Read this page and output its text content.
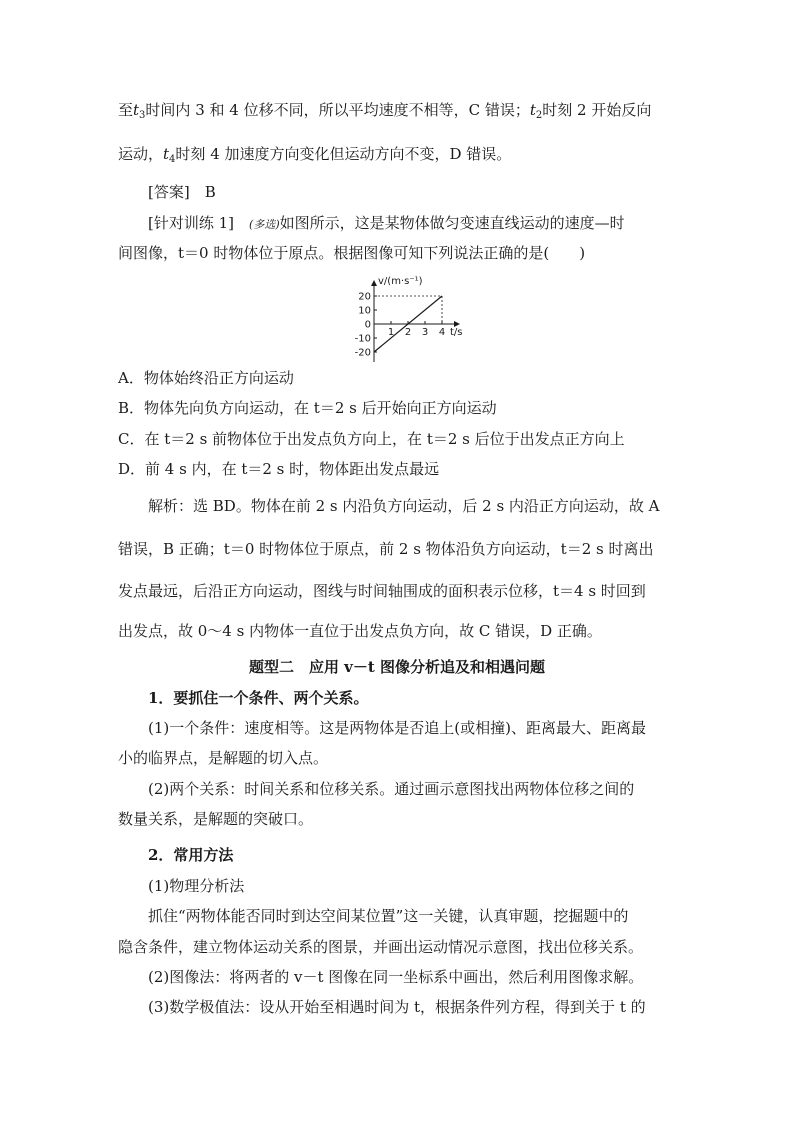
至$t_3$时间内 3 和 4 位移不同，所以平均速度不相等，C 错误；$t_2$时刻 2 开始反向
运动，$t_4$时刻 4 加速度方向变化但运动方向不变，D 错误。
[答案]　 B
[针对训练 1]　 (多选)如图所示，这是某物体做匀变速直线运动的速度—时
间图像，t＝0 时物体位于原点。根据图像可知下列说法正确的是(　　)
-20
-10
0
10
20
1 2 3 4
v/(m·s⁻¹)
t/s
A．物体始终沿正方向运动
B．物体先向负方向运动，在 t＝2 s 后开始向正方向运动
C．在 t＝2 s 前物体位于出发点负方向上，在 t＝2 s 后位于出发点正方向上
D．前 4 s 内，在 t＝2 s 时，物体距出发点最远
解析：选 BD。物体在前 2 s 内沿负方向运动，后 2 s 内沿正方向运动，故 A
错误，B 正确；t＝0 时物体位于原点，前 2 s 物体沿负方向运动，t＝2 s 时离出
发点最远，后沿正方向运动，图线与时间轴围成的面积表示位移，t＝4 s 时回到
出发点，故 0～4 s 内物体一直位于出发点负方向，故 C 错误，D 正确。
题型二　应用 v－t 图像分析追及和相遇问题
1．要抓住一个条件、两个关系。
(1)一个条件：速度相等。这是两物体是否追上(或相撞)、距离最大、距离最
小的临界点，是解题的切入点。
(2)两个关系：时间关系和位移关系。通过画示意图找出两物体位移之间的
数量关系，是解题的突破口。
2．常用方法
(1)物理分析法
抓住“两物体能否同时到达空间某位置”这一关键，认真审题，挖掘题中的
隐含条件，建立物体运动关系的图景，并画出运动情况示意图，找出位移关系。
(2)图像法：将两者的 v－t 图像在同一坐标系中画出，然后利用图像求解。
(3)数学极值法：设从开始至相遇时间为 t，根据条件列方程，得到关于 t 的
